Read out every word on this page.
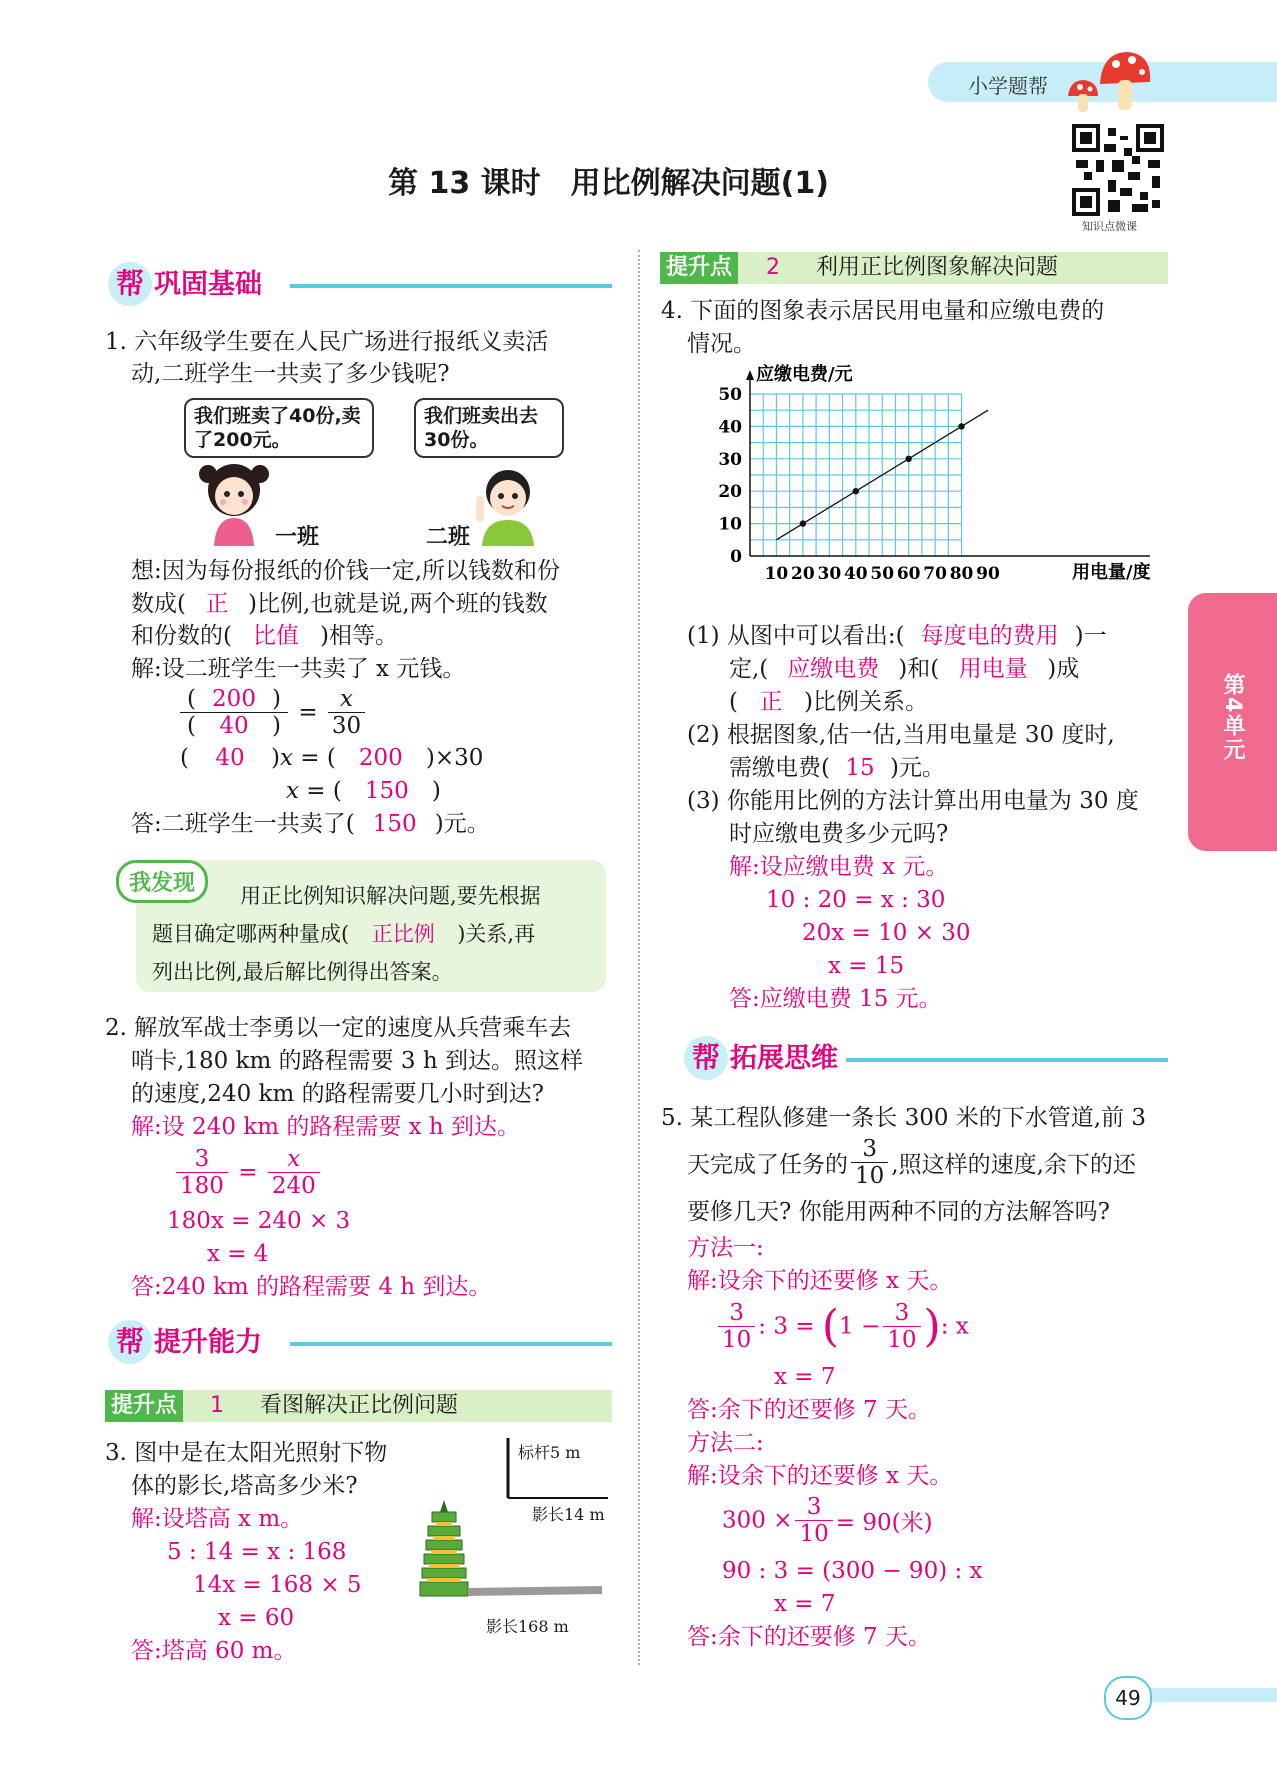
小学题帮
知识点微课
第 13 课时　用比例解决问题(1)
第4单元
帮 巩固基础
1. 六年级学生要在人民广场进行报纸义卖活
动,二班学生一共卖了多少钱呢?
我们班卖了40份,卖了200元。
我们班卖出去30份。
一班	二班
想:因为每份报纸的价钱一定,所以钱数和份
数成( 正 )比例,也就是说,两个班的钱数
和份数的( 比值 )相等。
解:设二班学生一共卖了 x 元钱。
$\frac{( 200 )}{( 40 )} = \frac{x}{30}$
( 40 )x = ( 200 )×30
x = ( 150 )
答:二班学生一共卖了( 150 )元。
我发现	用正比例知识解决问题,要先根据
题目确定哪两种量成( 正比例 )关系,再
列出比例,最后解比例得出答案。
2. 解放军战士李勇以一定的速度从兵营乘车去
哨卡,180 km 的路程需要 3 h 到达。照这样
的速度,240 km 的路程需要几小时到达?
解:设 240 km 的路程需要 x h 到达。
$\frac{3}{180} = \frac{x}{240}$
180x = 240 × 3
x = 4
答:240 km 的路程需要 4 h 到达。
帮 提升能力
提升点 1 看图解决正比例问题
3. 图中是在太阳光照射下物
体的影长,塔高多少米?
解:设塔高 x m。
5 : 14 = x : 168
14x = 168 × 5
x = 60
答:塔高 60 m。
标杆5 m
影长14 m
影长168 m
提升点 2 利用正比例图象解决问题
4. 下面的图象表示居民用电量和应缴电费的
情况。
10 20 30 40 50 60 70 80 90
0
10
20
30
40
50
应缴电费/元
用电量/度
(1) 从图中可以看出:( 每度电的费用 )一
定,( 应缴电费 )和( 用电量 )成
( 正 )比例关系。
(2) 根据图象,估一估,当用电量是 30 度时,
需缴电费( 15 )元。
(3) 你能用比例的方法计算出用电量为 30 度
时应缴电费多少元吗?
解:设应缴电费 x 元。
10 : 20 = x : 30
20x = 10 × 30
x = 15
答:应缴电费 15 元。
帮 拓展思维
5. 某工程队修建一条长 300 米的下水管道,前 3
天完成了任务的 $\frac{3}{10}$ ,照这样的速度,余下的还
要修几天? 你能用两种不同的方法解答吗?
方法一:
解:设余下的还要修 x 天。
$\frac{3}{10}$ : $3 = (1 - \frac{3}{10}$ ): x
x = 7
答:余下的还要修 7 天。
方法二:
解:设余下的还要修 x 天。
$300 \times \frac{3}{10} = 90$(米)
90 : 3 = (300 − 90) : x
x = 7
答:余下的还要修 7 天。
49
